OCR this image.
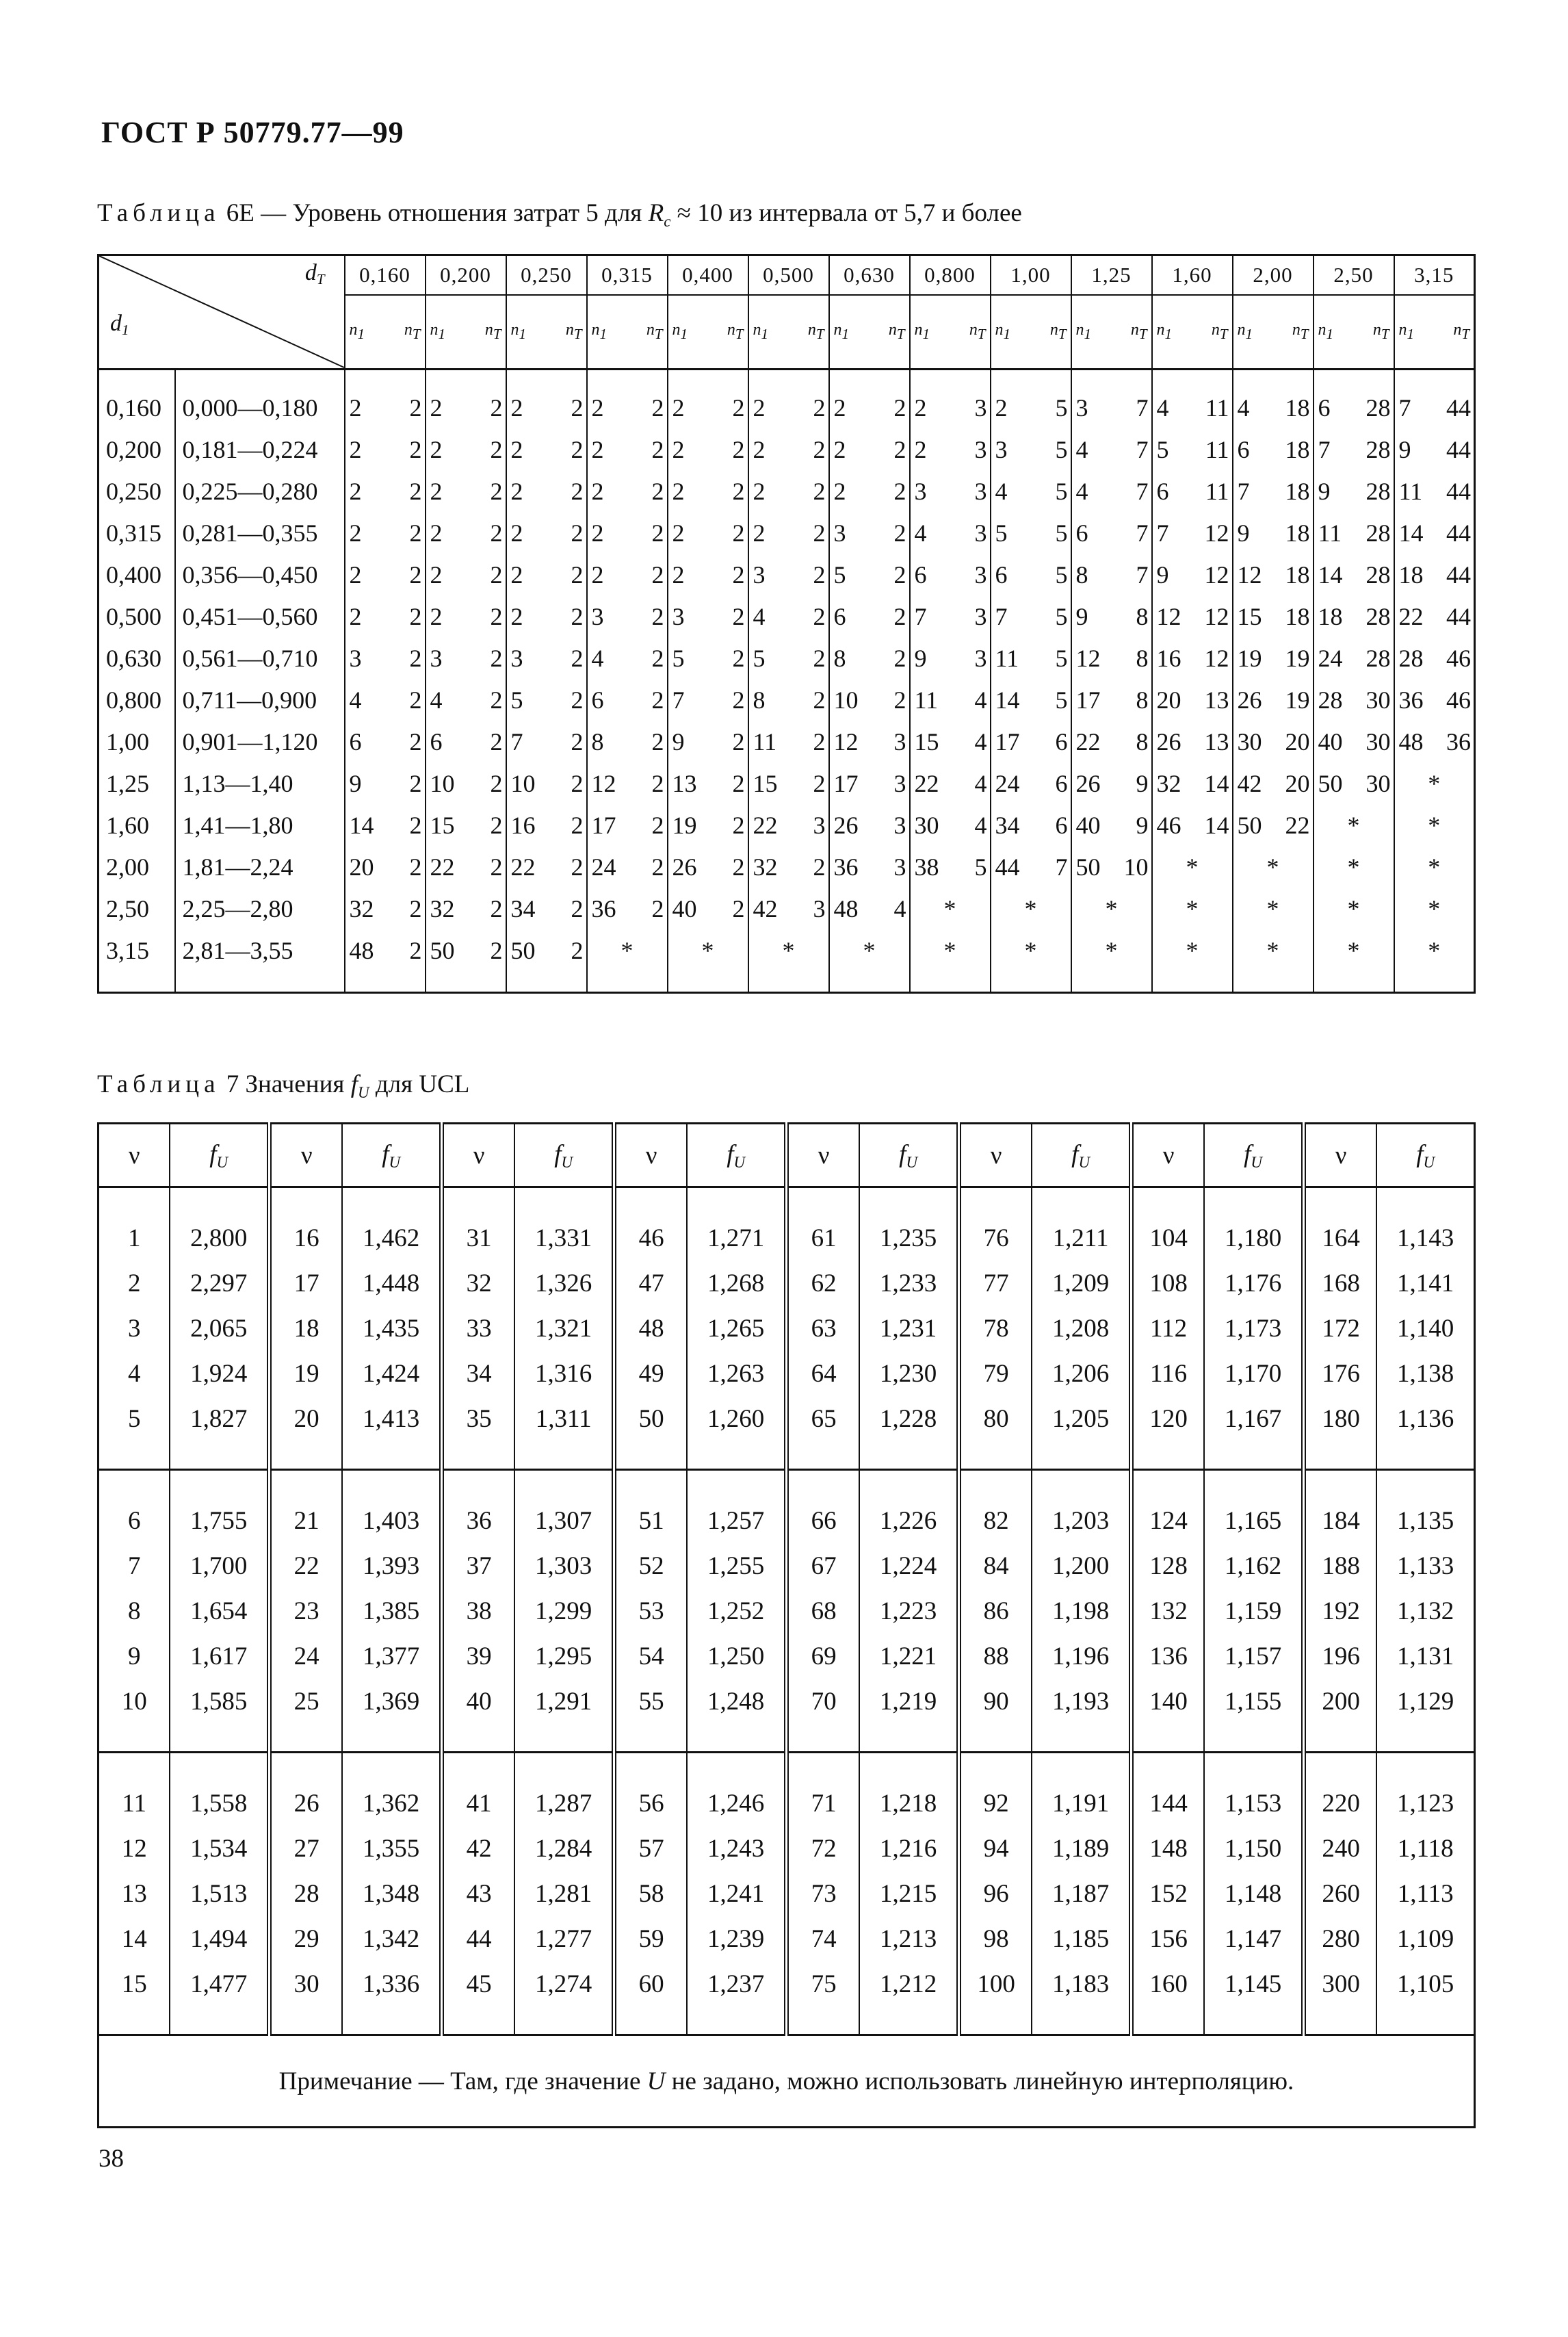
ГОСТ Р 50779.77—99
Таблица 6Е — Уровень отношения затрат 5 для $R_c \approx 10$ из интервала от 5,7 и более
$d_Т$
$d_1$		0,160	0,200	0,250	0,315	0,400	0,500	0,630	0,800	1,00	1,25	1,60	2,00	2,50	3,15

		n1 nТ	n1 nТ	n1 nТ	n1 nТ	n1 nТ	n1 nТ	n1 nТ	n1 nТ	n1 nТ	n1 nТ	n1 nТ	n1 nТ	n1 nТ	n1 nТ

0,160	0,000—0,180	2 2	2 2	2 2	2 2	2 2	2 2	2 2	2 3	2 5	3 7	4 11	4 18	6 28	7 44

0,200	0,181—0,224	2 2	2 2	2 2	2 2	2 2	2 2	2 2	2 3	3 5	4 7	5 11	6 18	7 28	9 44

0,250	0,225—0,280	2 2	2 2	2 2	2 2	2 2	2 2	2 2	3 3	4 5	4 7	6 11	7 18	9 28	11 44

0,315	0,281—0,355	2 2	2 2	2 2	2 2	2 2	2 2	3 2	4 3	5 5	6 7	7 12	9 18	11 28	14 44

0,400	0,356—0,450	2 2	2 2	2 2	2 2	2 2	3 2	5 2	6 3	6 5	8 7	9 12	12 18	14 28	18 44

0,500	0,451—0,560	2 2	2 2	2 2	3 2	3 2	4 2	6 2	7 3	7 5	9 8	12 12	15 18	18 28	22 44

0,630	0,561—0,710	3 2	3 2	3 2	4 2	5 2	5 2	8 2	9 3	11 5	12 8	16 12	19 19	24 28	28 46

0,800	0,711—0,900	4 2	4 2	5 2	6 2	7 2	8 2	10 2	11 4	14 5	17 8	20 13	26 19	28 30	36 46

1,00	0,901—1,120	6 2	6 2	7 2	8 2	9 2	11 2	12 3	15 4	17 6	22 8	26 13	30 20	40 30	48 36

1,25	1,13—1,40	9 2	10 2	10 2	12 2	13 2	15 2	17 3	22 4	24 6	26 9	32 14	42 20	50 30	*
1,60	1,41—1,80	14 2	15 2	16 2	17 2	19 2	22 3	26 3	30 4	34 6	40 9	46 14	50 22	*	*
2,00	1,81—2,24	20 2	22 2	22 2	24 2	26 2	32 2	36 3	38 5	44 7	50 10	*	*	*	*
2,50	2,25—2,80	32 2	32 2	34 2	36 2	40 2	42 3	48 4	*	*	*	*	*	*	*
3,15	2,81—3,55	48 2	50 2	50 2	*	*	*	*	*	*	*	*	*	*	*
Таблица 7 Значения $f_U$ для UCL
ν	$f_U$	ν	$f_U$	ν	$f_U$	ν	$f_U$	ν	$f_U$	ν	$f_U$	ν	$f_U$	ν	$f_U$
1	2,800	16	1,462	31	1,331	46	1,271	61	1,235	76	1,211	104	1,180	164	1,143
2	2,297	17	1,448	32	1,326	47	1,268	62	1,233	77	1,209	108	1,176	168	1,141
3	2,065	18	1,435	33	1,321	48	1,265	63	1,231	78	1,208	112	1,173	172	1,140
4	1,924	19	1,424	34	1,316	49	1,263	64	1,230	79	1,206	116	1,170	176	1,138
5	1,827	20	1,413	35	1,311	50	1,260	65	1,228	80	1,205	120	1,167	180	1,136
6	1,755	21	1,403	36	1,307	51	1,257	66	1,226	82	1,203	124	1,165	184	1,135
7	1,700	22	1,393	37	1,303	52	1,255	67	1,224	84	1,200	128	1,162	188	1,133
8	1,654	23	1,385	38	1,299	53	1,252	68	1,223	86	1,198	132	1,159	192	1,132
9	1,617	24	1,377	39	1,295	54	1,250	69	1,221	88	1,196	136	1,157	196	1,131
10	1,585	25	1,369	40	1,291	55	1,248	70	1,219	90	1,193	140	1,155	200	1,129
11	1,558	26	1,362	41	1,287	56	1,246	71	1,218	92	1,191	144	1,153	220	1,123
12	1,534	27	1,355	42	1,284	57	1,243	72	1,216	94	1,189	148	1,150	240	1,118
13	1,513	28	1,348	43	1,281	58	1,241	73	1,215	96	1,187	152	1,148	260	1,113
14	1,494	29	1,342	44	1,277	59	1,239	74	1,213	98	1,185	156	1,147	280	1,109
15	1,477	30	1,336	45	1,274	60	1,237	75	1,212	100	1,183	160	1,145	300	1,105
Примечание — Там, где значение U не задано, можно использовать линейную интерполяцию.															
38
